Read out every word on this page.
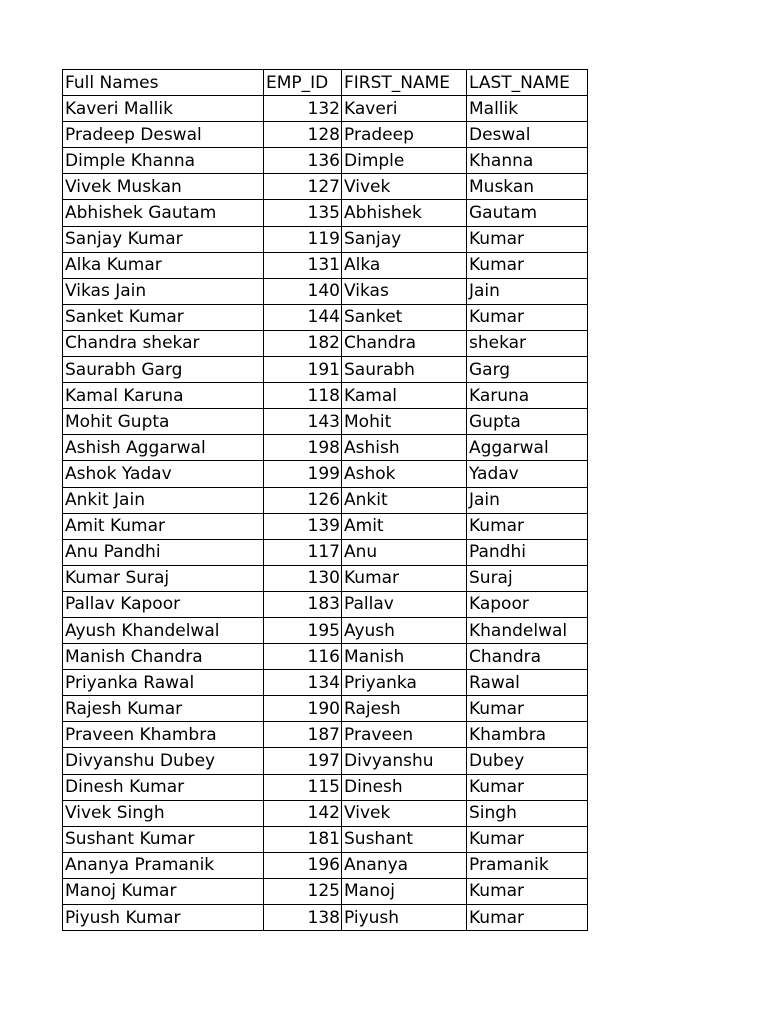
Full Names	EMP_ID	FIRST_NAME	LAST_NAME
Kaveri Mallik	132	Kaveri	Mallik
Pradeep Deswal	128	Pradeep	Deswal
Dimple Khanna	136	Dimple	Khanna
Vivek Muskan	127	Vivek	Muskan
Abhishek Gautam	135	Abhishek	Gautam
Sanjay Kumar	119	Sanjay	Kumar
Alka Kumar	131	Alka	Kumar
Vikas Jain	140	Vikas	Jain
Sanket Kumar	144	Sanket	Kumar
Chandra shekar	182	Chandra	shekar
Saurabh Garg	191	Saurabh	Garg
Kamal Karuna	118	Kamal	Karuna
Mohit Gupta	143	Mohit	Gupta
Ashish Aggarwal	198	Ashish	Aggarwal
Ashok Yadav	199	Ashok	Yadav
Ankit Jain	126	Ankit	Jain
Amit Kumar	139	Amit	Kumar
Anu Pandhi	117	Anu	Pandhi
Kumar Suraj	130	Kumar	Suraj
Pallav Kapoor	183	Pallav	Kapoor
Ayush Khandelwal	195	Ayush	Khandelwal
Manish Chandra	116	Manish	Chandra
Priyanka Rawal	134	Priyanka	Rawal
Rajesh Kumar	190	Rajesh	Kumar
Praveen Khambra	187	Praveen	Khambra
Divyanshu Dubey	197	Divyanshu	Dubey
Dinesh Kumar	115	Dinesh	Kumar
Vivek Singh	142	Vivek	Singh
Sushant Kumar	181	Sushant	Kumar
Ananya Pramanik	196	Ananya	Pramanik
Manoj Kumar	125	Manoj	Kumar
Piyush Kumar	138	Piyush	Kumar
